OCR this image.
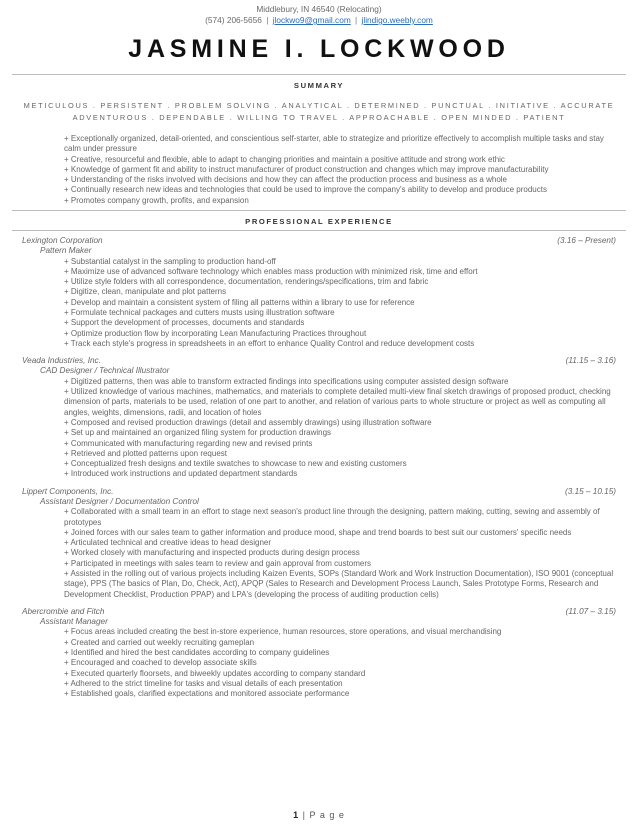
Middlebury, IN 46540 (Relocating)
(574) 206-5656 | jlockwo9@gmail.com | jlindigo.weebly.com
JASMINE I. LOCKWOOD
SUMMARY
METICULOUS . PERSISTENT . PROBLEM SOLVING . ANALYTICAL . DETERMINED . PUNCTUAL . INITIATIVE . ACCURATE
ADVENTUROUS . DEPENDABLE . WILLING TO TRAVEL . APPROACHABLE . OPEN MINDED . PATIENT
+ Exceptionally organized, detail-oriented, and conscientious self-starter, able to strategize and prioritize effectively to accomplish multiple tasks and stay calm under pressure
+ Creative, resourceful and flexible, able to adapt to changing priorities and maintain a positive attitude and strong work ethic
+ Knowledge of garment fit and ability to instruct manufacturer of product construction and changes which may improve manufacturability
+ Understanding of the risks involved with decisions and how they can affect the production process and business as a whole
+ Continually research new ideas and technologies that could be used to improve the company's ability to develop and produce products
+ Promotes company growth, profits, and expansion
PROFESSIONAL EXPERIENCE
Lexington Corporation	(3.16 – Present)
Pattern Maker
+ Substantial catalyst in the sampling to production hand-off
+ Maximize use of advanced software technology which enables mass production with minimized risk, time and effort
+ Utilize style folders with all correspondence, documentation, renderings/specifications, trim and fabric
+ Digitize, clean, manipulate and plot patterns
+ Develop and maintain a consistent system of filing all patterns within a library to use for reference
+ Formulate technical packages and cutters musts using illustration software
+ Support the development of processes, documents and standards
+ Optimize production flow by incorporating Lean Manufacturing Practices throughout
+ Track each style's progress in spreadsheets in an effort to enhance Quality Control and reduce development costs
Veada Industries, Inc.	(11.15 – 3.16)
CAD Designer / Technical Illustrator
+ Digitized patterns, then was able to transform extracted findings into specifications using computer assisted design software
+ Utilized knowledge of various machines, mathematics, and materials to complete detailed multi-view final sketch drawings of proposed product, checking dimension of parts, materials to be used, relation of one part to another, and relation of various parts to whole structure or project as well as computing all angles, weights, dimensions, radii, and location of holes
+ Composed and revised production drawings (detail and assembly drawings) using illustration software
+ Set up and maintained an organized filing system for production drawings
+ Communicated with manufacturing regarding new and revised prints
+ Retrieved and plotted patterns upon request
+ Conceptualized fresh designs and textile swatches to showcase to new and existing customers
+ Introduced work instructions and updated department standards
Lippert Components, Inc.	(3.15 – 10.15)
Assistant Designer / Documentation Control
+ Collaborated with a small team in an effort to stage next season's product line through the designing, pattern making, cutting, sewing and assembly of prototypes
+ Joined forces with our sales team to gather information and produce mood, shape and trend boards to best suit our customers' specific needs
+ Articulated technical and creative ideas to head designer
+ Worked closely with manufacturing and inspected products during design process
+ Participated in meetings with sales team to review and gain approval from customers
+ Assisted in the rolling out of various projects including Kaizen Events, SOPs (Standard Work and Work Instruction Documentation), ISO 9001 (conceptual stage), PPS (The basics of Plan, Do, Check, Act), APQP (Sales to Research and Development Process Launch, Sales Prototype Forms, Research and Development Checklist, Production PPAP) and LPA's (developing the process of auditing production cells)
Abercrombie and Fitch	(11.07 – 3.15)
Assistant Manager
+ Focus areas included creating the best in-store experience, human resources, store operations, and visual merchandising
+ Created and carried out weekly recruiting gameplan
+ Identified and hired the best candidates according to company guidelines
+ Encouraged and coached to develop associate skills
+ Executed quarterly floorsets, and biweekly updates according to company standard
+ Adhered to the strict timeline for tasks and visual details of each presentation
+ Established goals, clarified expectations and monitored associate performance
1 | P a g e
